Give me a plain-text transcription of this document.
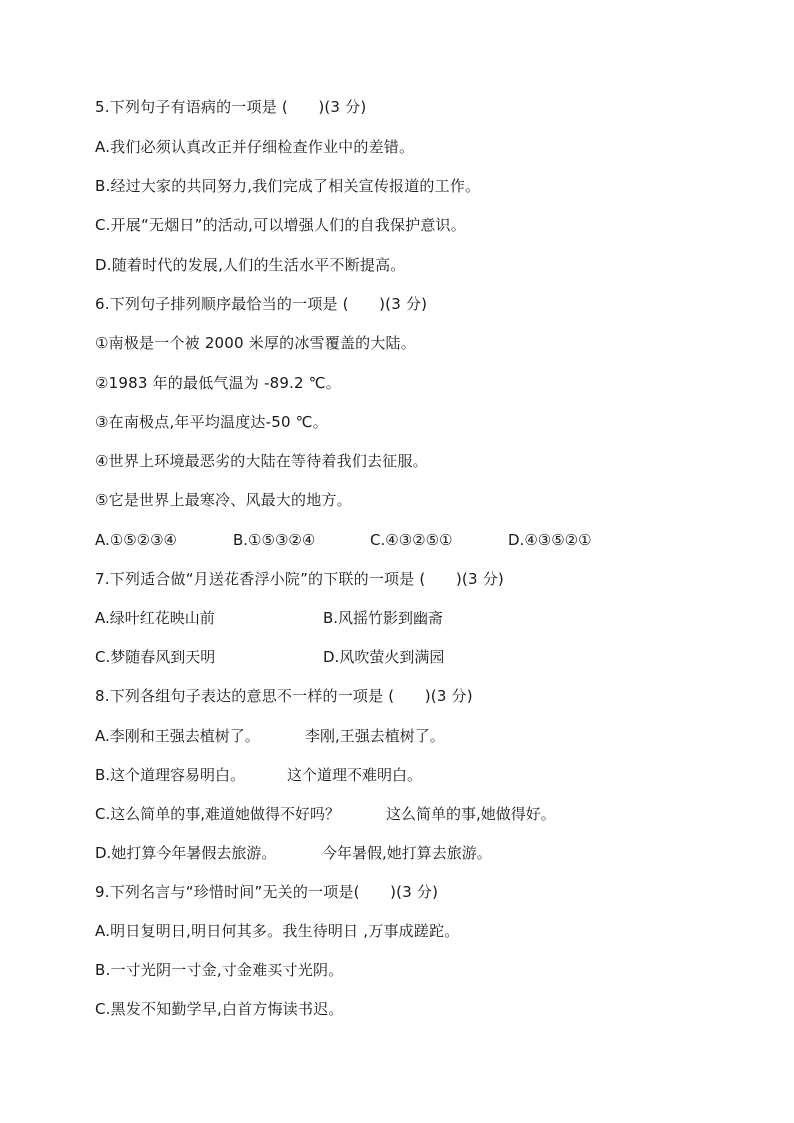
5.下列句子有语病的一项是 (　　)(3 分)
A.我们必须认真改正并仔细检查作业中的差错。
B.经过大家的共同努力,我们完成了相关宣传报道的工作。
C.开展“无烟日”的活动,可以增强人们的自我保护意识。
D.随着时代的发展,人们的生活水平不断提高。
6.下列句子排列顺序最恰当的一项是 (　　)(3 分)
①南极是一个被 2000 米厚的冰雪覆盖的大陆。
②1983 年的最低气温为 -89.2 ℃。
③在南极点,年平均温度达-50 ℃。
④世界上环境最恶劣的大陆在等待着我们去征服。
⑤它是世界上最寒冷、风最大的地方。
A.①⑤②③④	B.①⑤③②④	C.④③②⑤①	D.④③⑤②①
7.下列适合做“月送花香浮小院”的下联的一项是 (　　)(3 分)
A.绿叶红花映山前	B.风摇竹影到幽斋
C.梦随春风到天明	D.风吹萤火到满园
8.下列各组句子表达的意思不一样的一项是 (　　)(3 分)
A.李刚和王强去植树了。	李刚,王强去植树了。
B.这个道理容易明白。	这个道理不难明白。
C.这么简单的事,难道她做得不好吗？	这么简单的事,她做得好。
D.她打算今年暑假去旅游。	今年暑假,她打算去旅游。
9.下列名言与“珍惜时间”无关的一项是(　　)(3 分)
A.明日复明日,明日何其多。我生待明日 ,万事成蹉跎。
B.一寸光阴一寸金,寸金难买寸光阴。
C.黑发不知勤学早,白首方悔读书迟。
